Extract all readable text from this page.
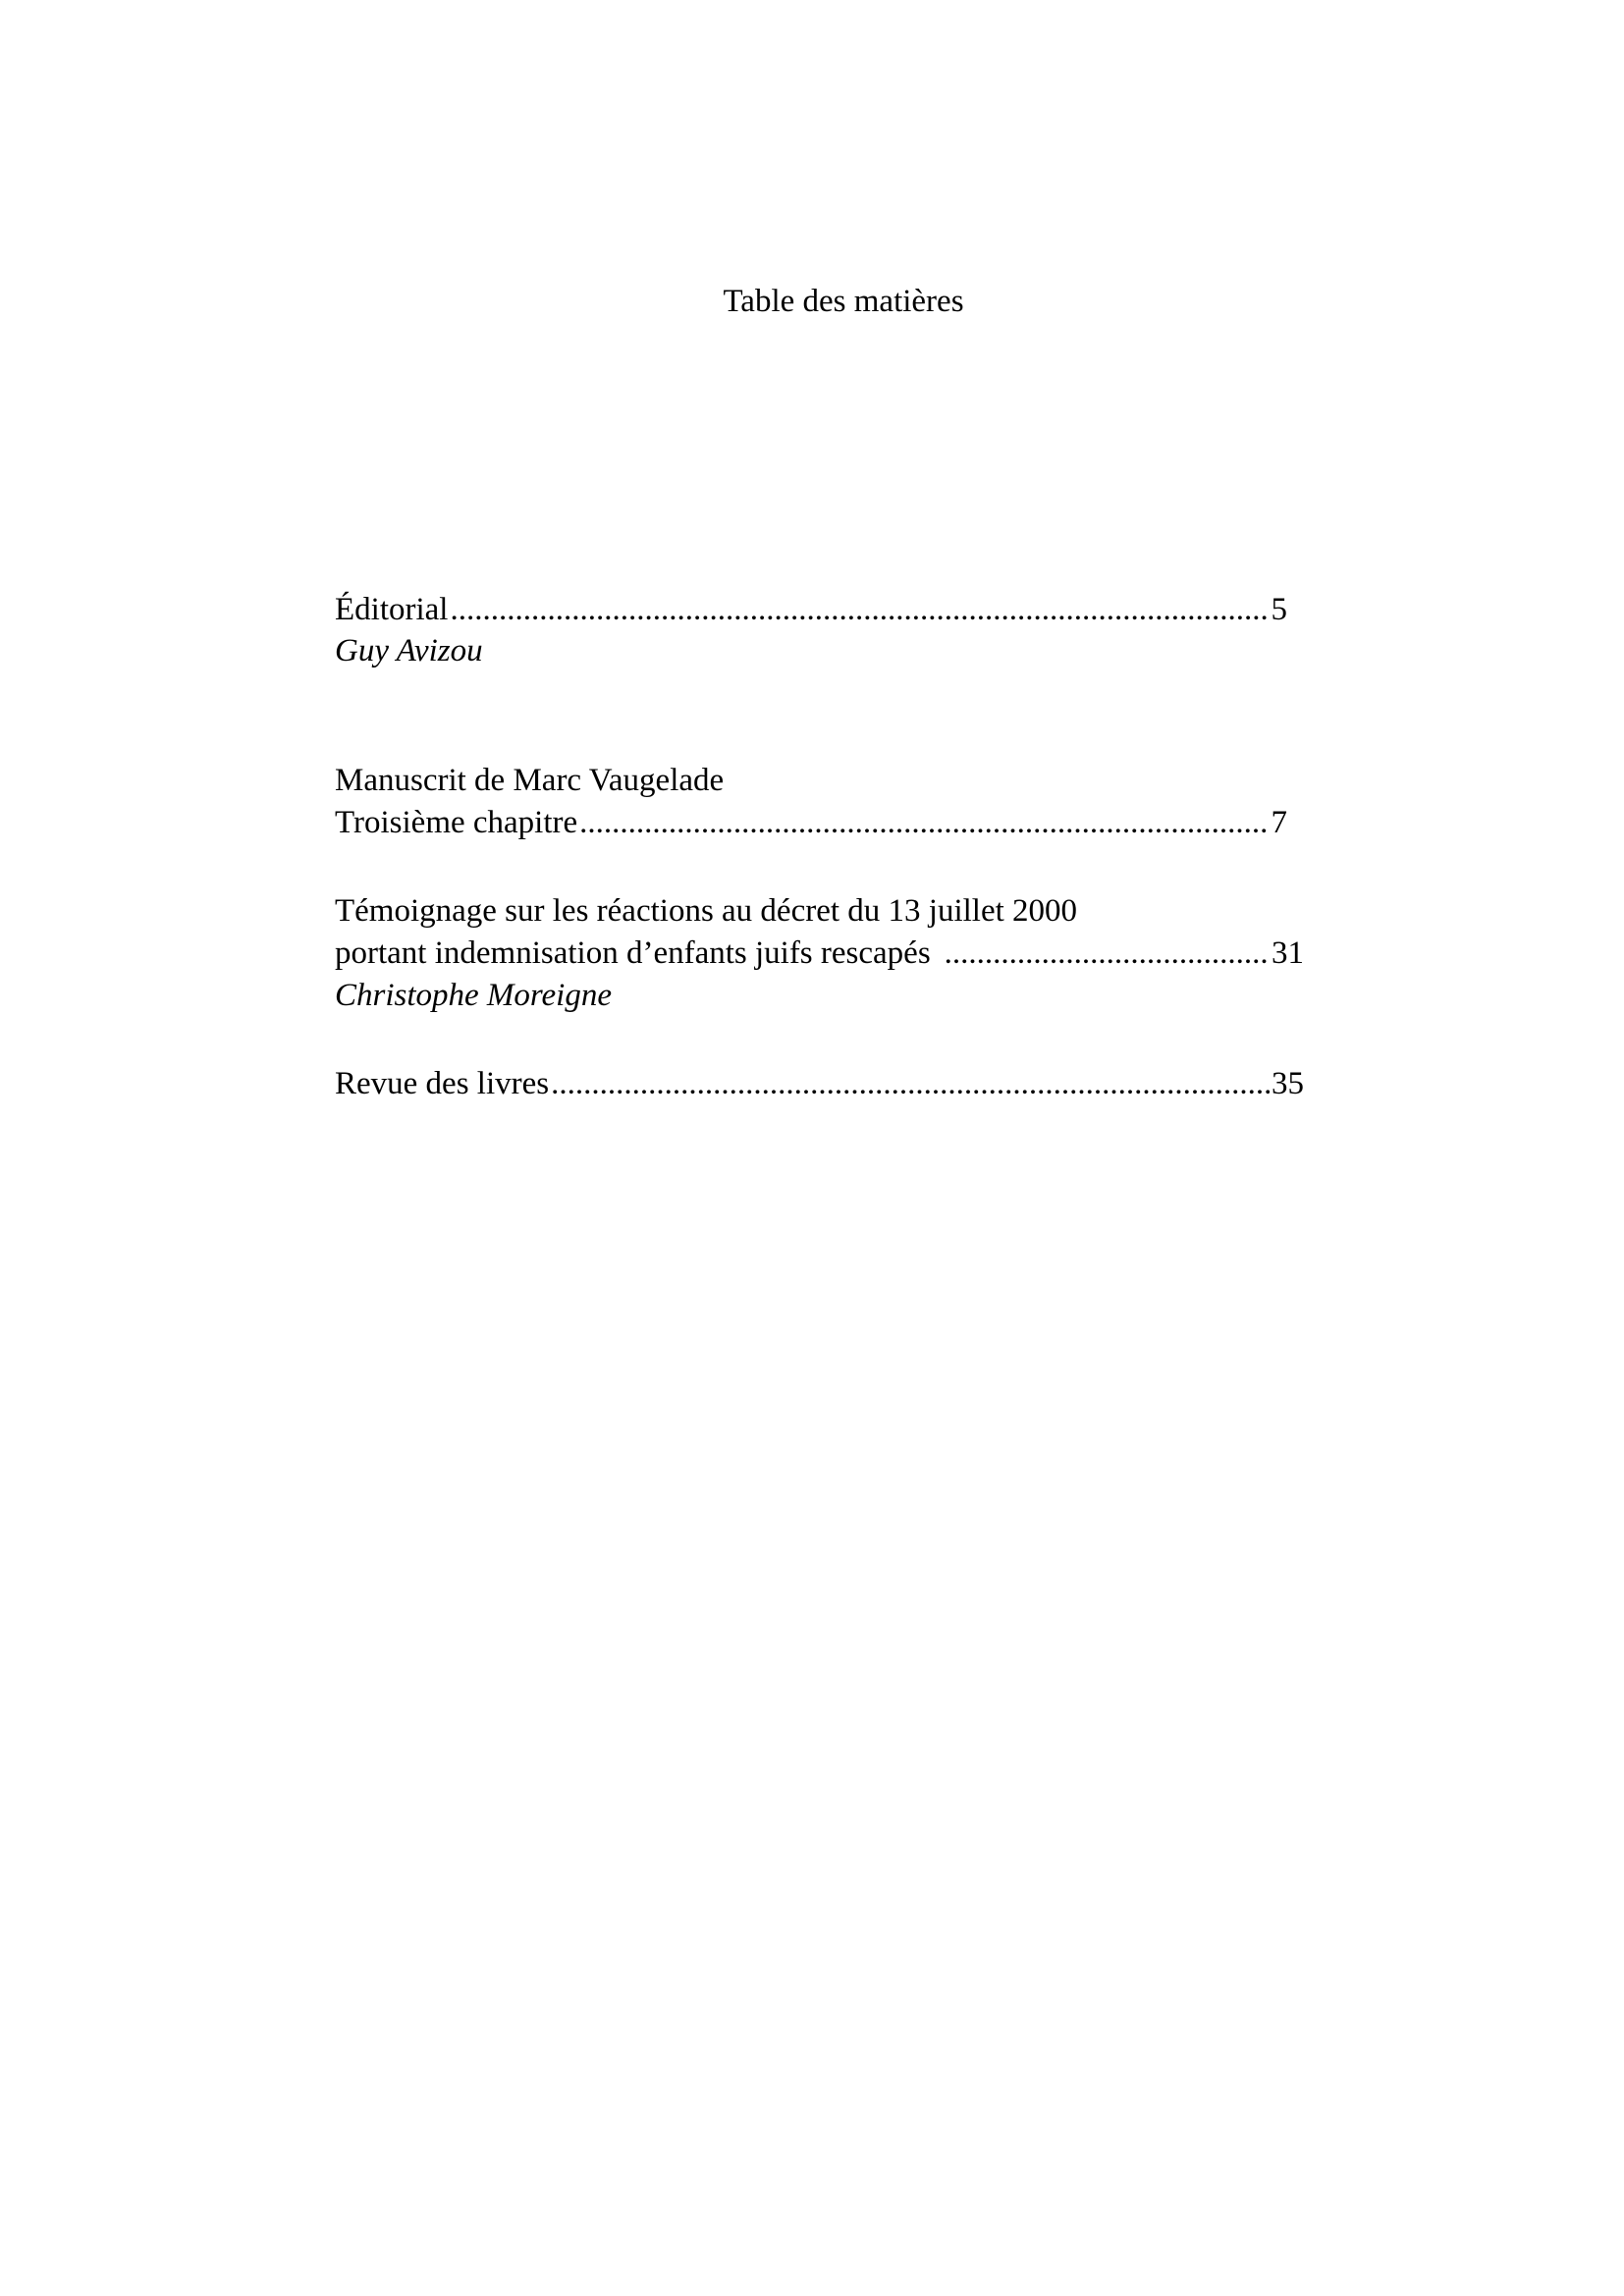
Table des matières
Éditorial .....	5
Guy Avizou
Manuscrit de Marc Vaugelade
Troisième chapitre .....	7
Témoignage sur les réactions au décret du 13 juillet 2000
portant indemnisation d’enfants juifs rescapés .....	31
Christophe Moreigne
Revue des livres .....	35
